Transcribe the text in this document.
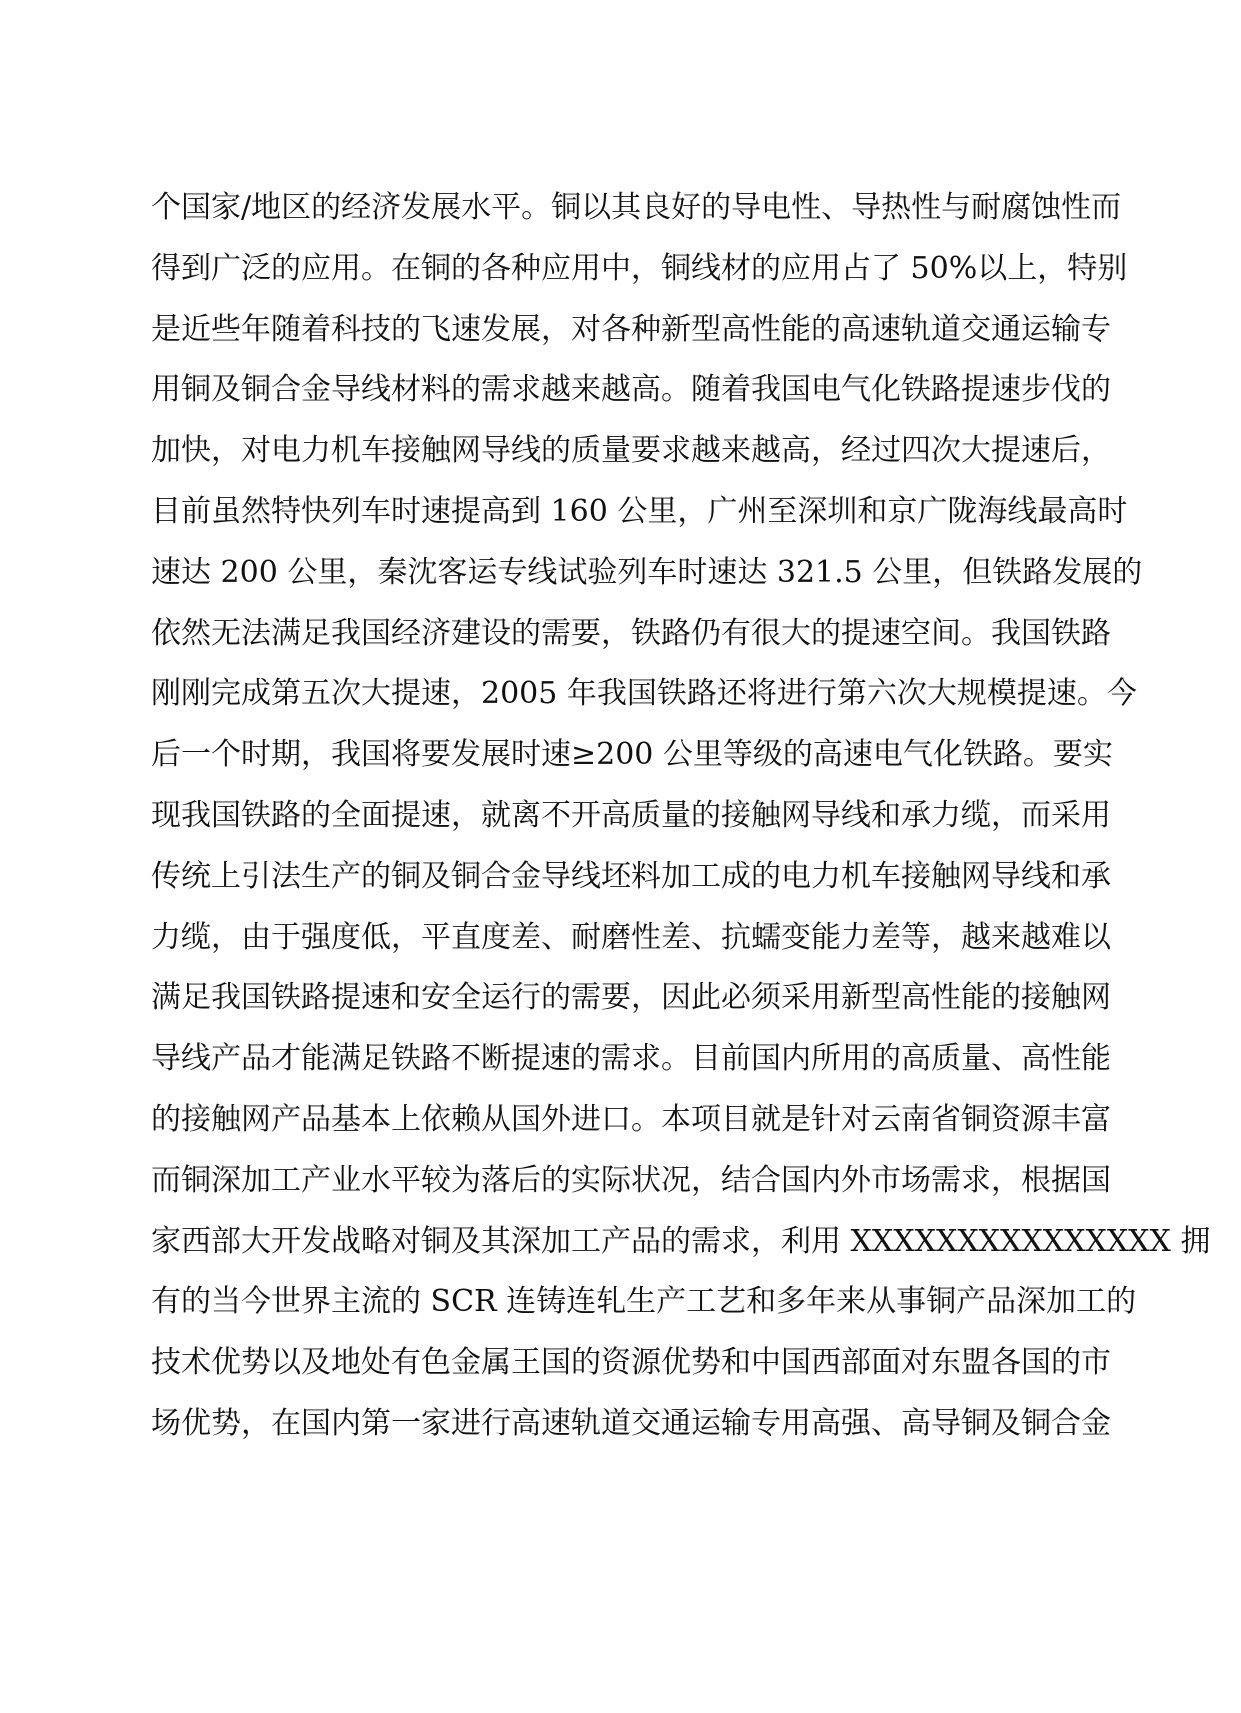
个国家/地区的经济发展水平。铜以其良好的导电性、导热性与耐腐蚀性而
得到广泛的应用。在铜的各种应用中，铜线材的应用占了 50%以上，特别
是近些年随着科技的飞速发展，对各种新型高性能的高速轨道交通运输专
用铜及铜合金导线材料的需求越来越高。随着我国电气化铁路提速步伐的
加快，对电力机车接触网导线的质量要求越来越高，经过四次大提速后，
目前虽然特快列车时速提高到 160 公里，广州至深圳和京广陇海线最高时
速达 200 公里，秦沈客运专线试验列车时速达 321.5 公里，但铁路发展的
依然无法满足我国经济建设的需要，铁路仍有很大的提速空间。我国铁路
刚刚完成第五次大提速，2005 年我国铁路还将进行第六次大规模提速。今
后一个时期，我国将要发展时速≥200 公里等级的高速电气化铁路。要实
现我国铁路的全面提速，就离不开高质量的接触网导线和承力缆，而采用
传统上引法生产的铜及铜合金导线坯料加工成的电力机车接触网导线和承
力缆，由于强度低，平直度差、耐磨性差、抗蠕变能力差等，越来越难以
满足我国铁路提速和安全运行的需要，因此必须采用新型高性能的接触网
导线产品才能满足铁路不断提速的需求。目前国内所用的高质量、高性能
的接触网产品基本上依赖从国外进口。本项目就是针对云南省铜资源丰富
而铜深加工产业水平较为落后的实际状况，结合国内外市场需求，根据国
家西部大开发战略对铜及其深加工产品的需求，利用 XXXXXXXXXXXXXXX 拥
有的当今世界主流的 SCR 连铸连轧生产工艺和多年来从事铜产品深加工的
技术优势以及地处有色金属王国的资源优势和中国西部面对东盟各国的市
场优势，在国内第一家进行高速轨道交通运输专用高强、高导铜及铜合金
